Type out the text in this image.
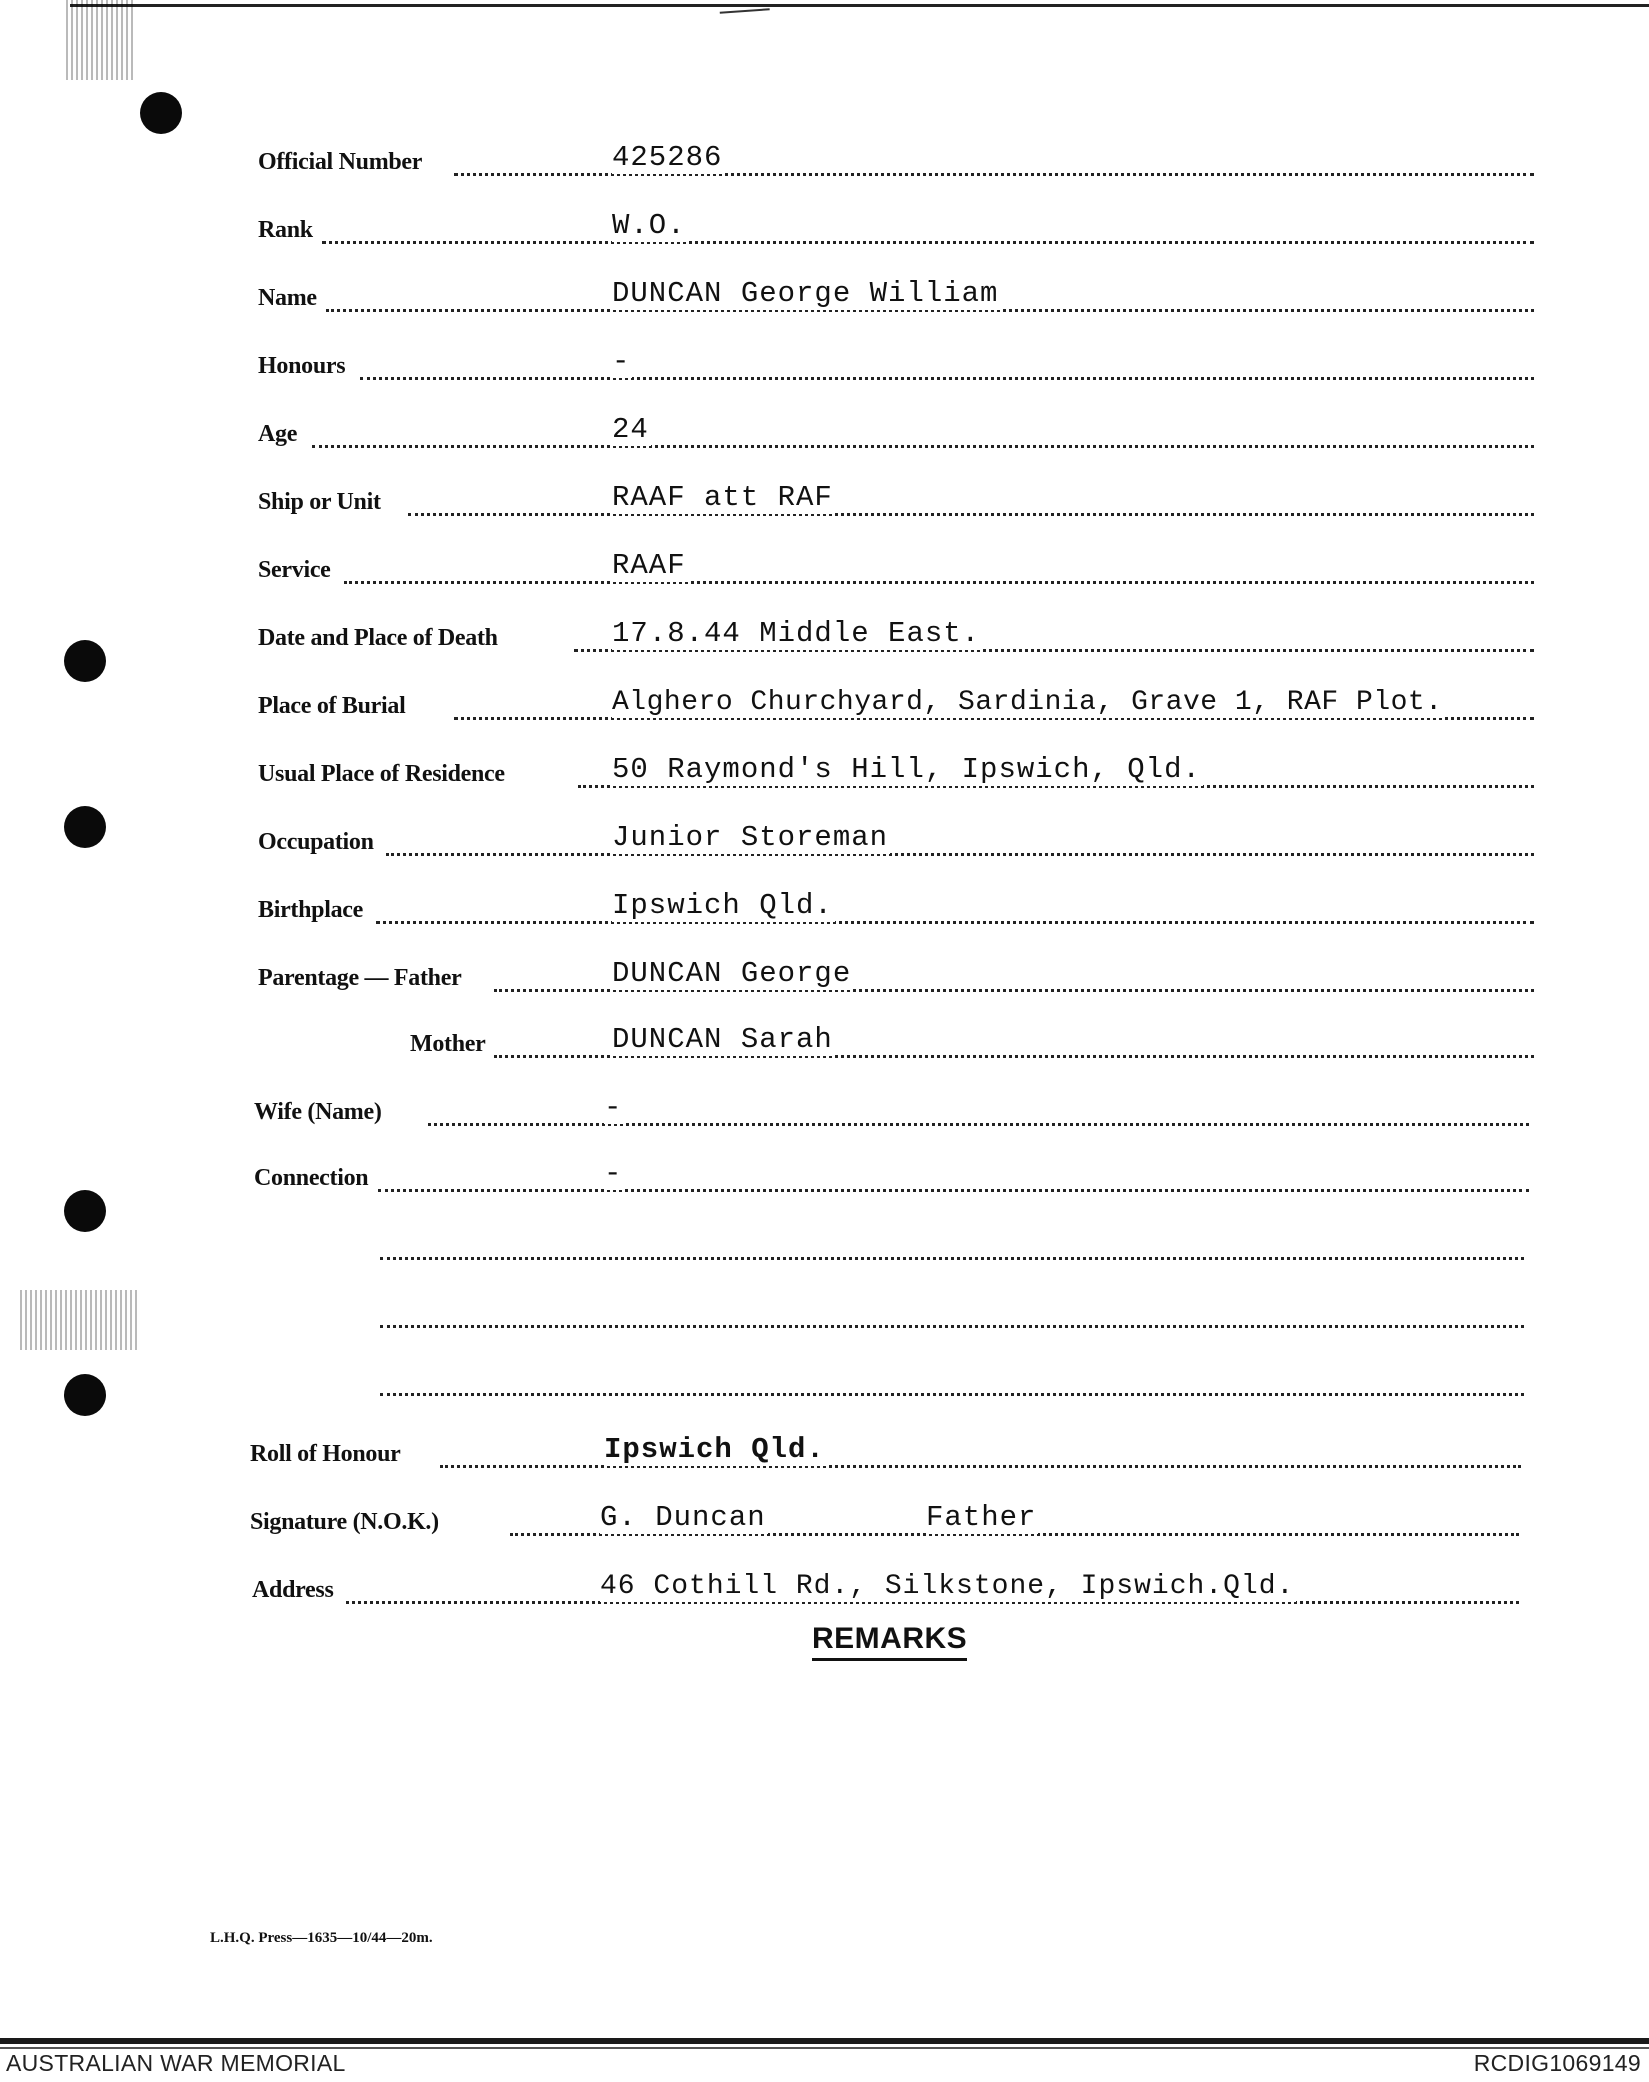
Official Number	425286
Rank	W.O.
Name	DUNCAN George William
Honours	-
Age	24
Ship or Unit	RAAF att RAF
Service	RAAF
Date and Place of Death	17.8.44 Middle East.
Place of Burial	Alghero Churchyard, Sardinia, Grave 1, RAF Plot.
Usual Place of Residence	50 Raymond's Hill, Ipswich, Qld.
Occupation	Junior Storeman
Birthplace	Ipswich Qld.
Parentage — Father	DUNCAN George
Mother	DUNCAN Sarah
Wife (Name)	-
Connection	-
Roll of Honour	Ipswich Qld.
Signature (N.O.K.)	G. Duncan	Father
Address	46 Cothill Rd., Silkstone, Ipswich.Qld.
REMARKS
L.H.Q. Press—1635—10/44—20m.
AUSTRALIAN WAR MEMORIAL	RCDIG1069149
